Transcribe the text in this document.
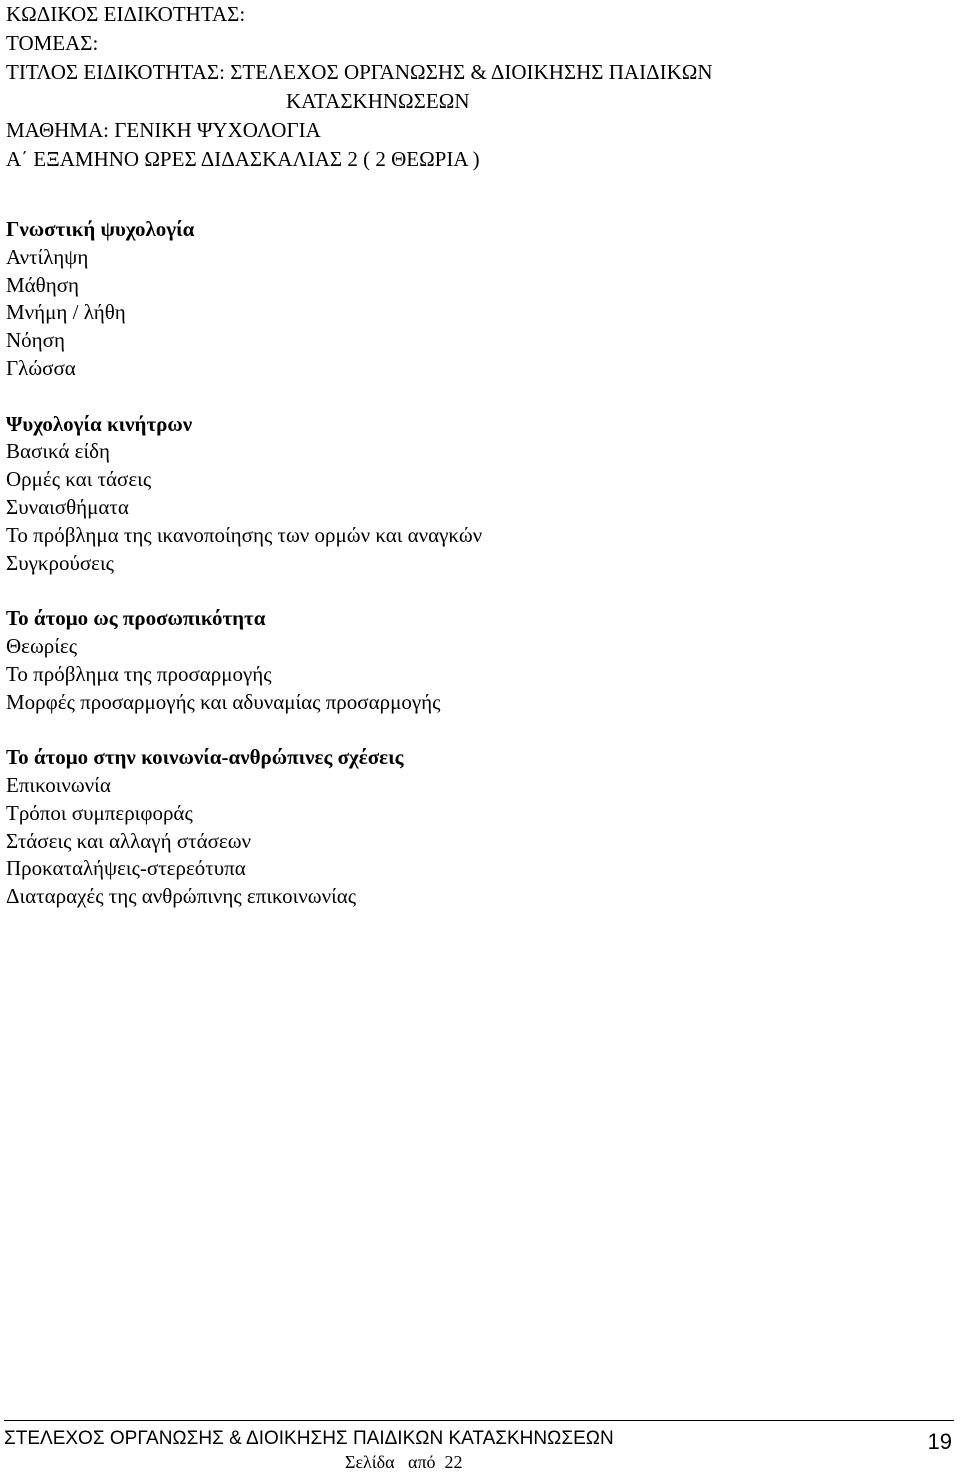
ΚΩΔΙΚΟΣ ΕΙΔΙΚΟΤΗΤΑΣ:
ΤΟΜΕΑΣ:
ΤΙΤΛΟΣ ΕΙΔΙΚΟΤΗΤΑΣ: ΣΤΕΛΕΧΟΣ ΟΡΓΑΝΩΣΗΣ & ΔΙΟΙΚΗΣΗΣ ΠΑΙΔΙΚΩΝ
ΚΑΤΑΣΚΗΝΩΣΕΩΝ
ΜΑΘΗΜΑ: ΓΕΝΙΚΗ ΨΥΧΟΛΟΓΙΑ
Α΄ ΕΞΑΜΗΝΟ ΩΡΕΣ ΔΙΔΑΣΚΑΛΙΑΣ 2 ( 2 ΘΕΩΡΙΑ )
Γνωστική ψυχολογία
Αντίληψη
Μάθηση
Μνήμη / λήθη
Νόηση
Γλώσσα
Ψυχολογία κινήτρων
Βασικά είδη
Ορμές και τάσεις
Συναισθήματα
Το πρόβλημα της ικανοποίησης των ορμών και αναγκών
Συγκρούσεις
Το άτομο ως προσωπικότητα
Θεωρίες
Το πρόβλημα της προσαρμογής
Μορφές προσαρμογής και αδυναμίας προσαρμογής
Το άτομο στην κοινωνία-ανθρώπινες σχέσεις
Επικοινωνία
Τρόποι συμπεριφοράς
Στάσεις και αλλαγή στάσεων
Προκαταλήψεις-στερεότυπα
Διαταραχές της ανθρώπινης επικοινωνίας
ΣΤΕΛΕΧΟΣ ΟΡΓΑΝΩΣΗΣ & ΔΙΟΙΚΗΣΗΣ ΠΑΙΔΙΚΩΝ ΚΑΤΑΣΚΗΝΩΣΕΩΝ	19
Σελίδα   από  22
